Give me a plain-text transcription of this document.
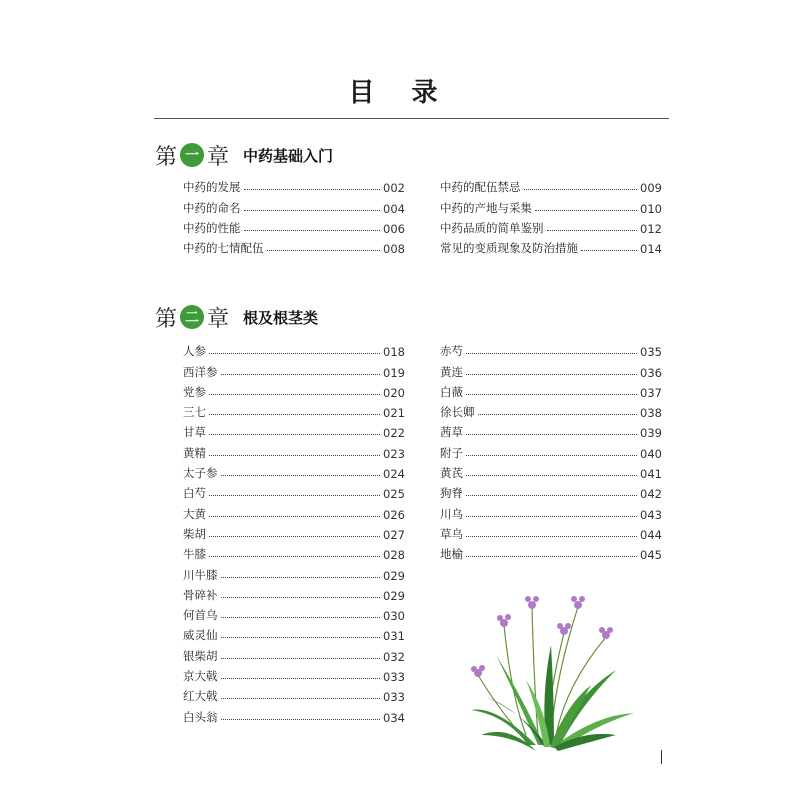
目 录
第 一 章 中药基础入门
中药的发展	002
中药的命名	004
中药的性能	006
中药的七情配伍	008
中药的配伍禁忌	009
中药的产地与采集	010
中药品质的简单鉴别	012
常见的变质现象及防治措施	014
第 二 章 根及根茎类
人参	018
西洋参	019
党参	020
三七	021
甘草	022
黄精	023
太子参	024
白芍	025
大黄	026
柴胡	027
牛膝	028
川牛膝	029
骨碎补	029
何首乌	030
威灵仙	031
银柴胡	032
京大戟	033
红大戟	033
白头翁	034
赤芍	035
黄连	036
白薇	037
徐长卿	038
茜草	039
附子	040
黄芪	041
狗脊	042
川乌	043
草乌	044
地榆	045
